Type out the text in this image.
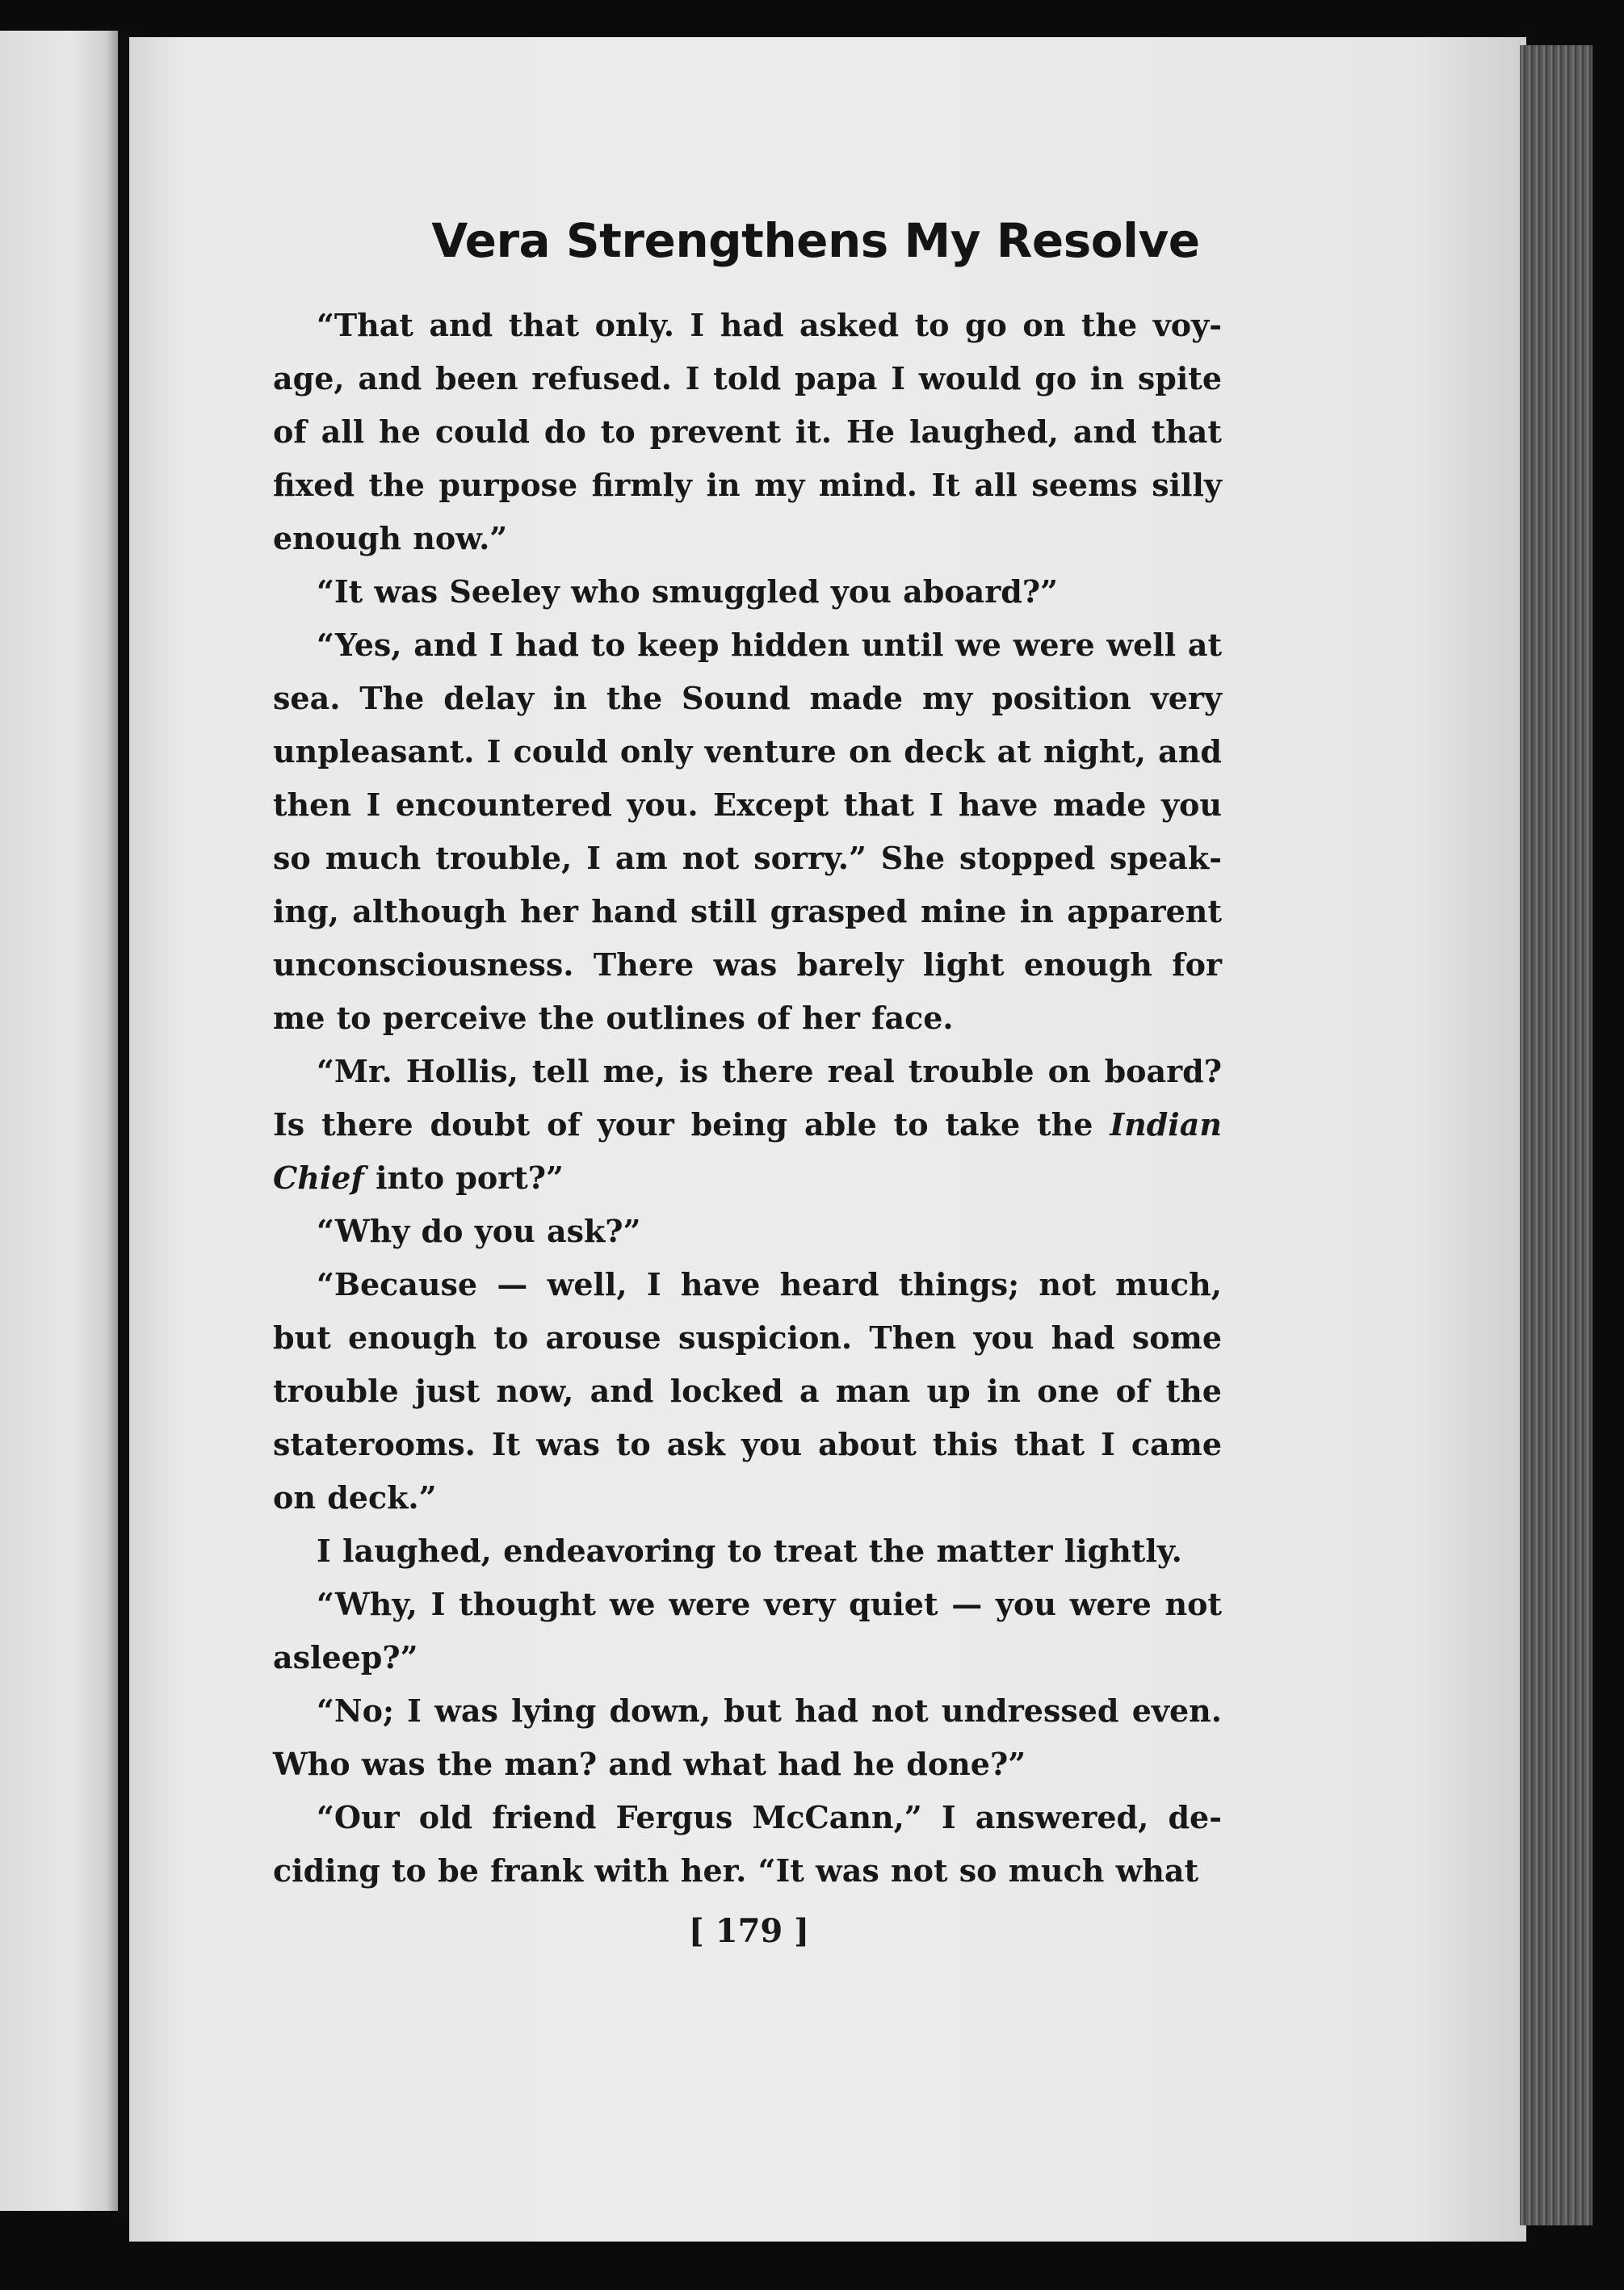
Vera Strengthens My Resolve

“That and that only. I had asked to go on the voyage, and been refused. I told papa I would go in spite of all he could do to prevent it. He laughed, and that fixed the purpose firmly in my mind. It all seems silly enough now.”

“It was Seeley who smuggled you aboard?”

“Yes, and I had to keep hidden until we were well at sea. The delay in the Sound made my position very unpleasant. I could only venture on deck at night, and then I encountered you. Except that I have made you so much trouble, I am not sorry.” She stopped speaking, although her hand still grasped mine in apparent unconsciousness. There was barely light enough for me to perceive the outlines of her face.

“Mr. Hollis, tell me, is there real trouble on board? Is there doubt of your being able to take the Indian Chief into port?”

“Why do you ask?”

“Because — well, I have heard things; not much, but enough to arouse suspicion. Then you had some trouble just now, and locked a man up in one of the staterooms. It was to ask you about this that I came on deck.”

I laughed, endeavoring to treat the matter lightly.

“Why, I thought we were very quiet — you were not asleep?”

“No; I was lying down, but had not undressed even. Who was the man? and what had he done?”

“Our old friend Fergus McCann,” I answered, deciding to be frank with her. “It was not so much what

[ 179 ]
